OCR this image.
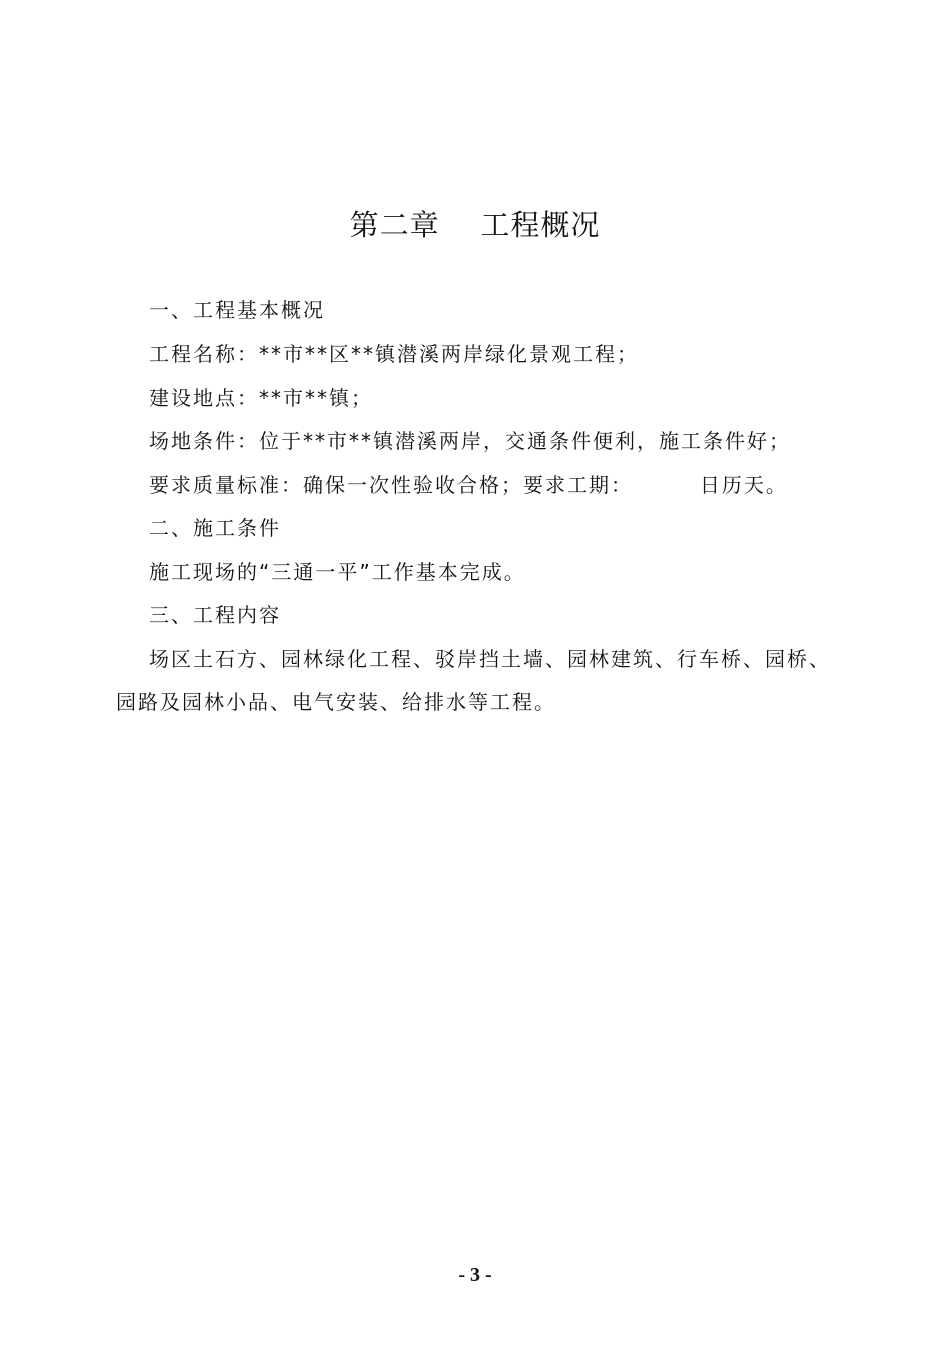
第二章    工程概况
一、工程基本概况
工程名称：**市**区**镇潜溪两岸绿化景观工程；
建设地点：**市**镇；
场地条件：位于**市**镇潜溪两岸，交通条件便利，施工条件好；
要求质量标准：确保一次性验收合格；要求工期：        日历天。
二、施工条件
施工现场的“三通一平”工作基本完成。
三、工程内容
场区土石方、园林绿化工程、驳岸挡土墙、园林建筑、行车桥、园桥、
园路及园林小品、电气安装、给排水等工程。
- 3 -
